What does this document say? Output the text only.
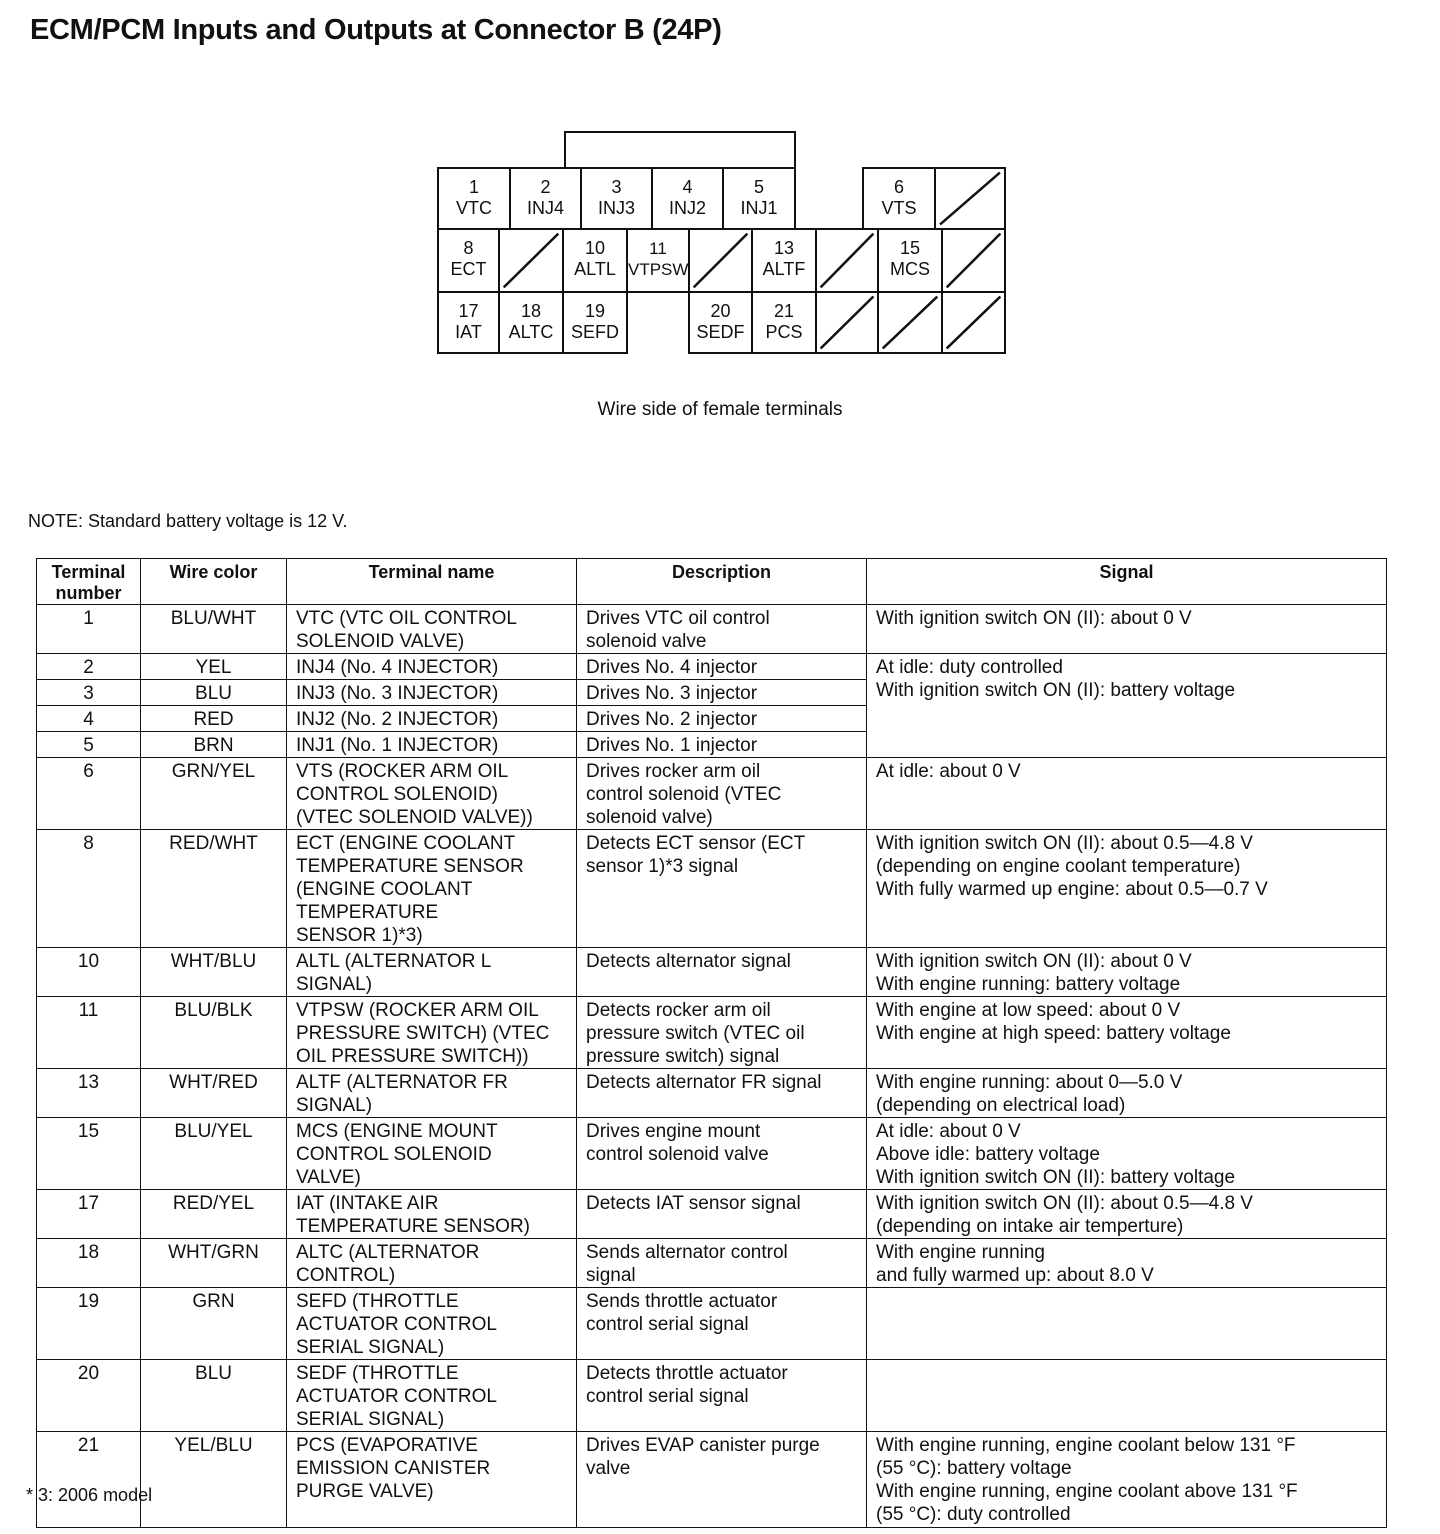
ECM/PCM Inputs and Outputs at Connector B (24P)
1
VTC
2
INJ4
3
INJ3
4
INJ2
5
INJ1
6
VTS
8
ECT
10
ALTL
11
VTPSW
13
ALTF
15
MCS
17
IAT
18
ALTC
19
SEFD
20
SEDF
21
PCS
Wire side of female terminals
NOTE: Standard battery voltage is 12 V.
Terminal number	Wire color	Terminal name	Description	Signal
1	BLU/WHT	VTC (VTC OIL CONTROL
SOLENOID VALVE)	Drives VTC oil control
solenoid valve	With ignition switch ON (II): about 0 V
2	YEL	INJ4 (No. 4 INJECTOR)	Drives No. 4 injector	At idle: duty controlled
With ignition switch ON (II): battery voltage
3	BLU	INJ3 (No. 3 INJECTOR)	Drives No. 3 injector	
4	RED	INJ2 (No. 2 INJECTOR)	Drives No. 2 injector	
5	BRN	INJ1 (No. 1 INJECTOR)	Drives No. 1 injector	
6	GRN/YEL	VTS (ROCKER ARM OIL
CONTROL SOLENOID)
(VTEC SOLENOID VALVE))	Drives rocker arm oil
control solenoid (VTEC
solenoid valve)	At idle: about 0 V
8	RED/WHT	ECT (ENGINE COOLANT
TEMPERATURE SENSOR
(ENGINE COOLANT
TEMPERATURE
SENSOR 1)*3)	Detects ECT sensor (ECT
sensor 1)*3 signal	With ignition switch ON (II): about 0.5—4.8 V
(depending on engine coolant temperature)
With fully warmed up engine: about 0.5—0.7 V
10	WHT/BLU	ALTL (ALTERNATOR L
SIGNAL)	Detects alternator signal	With ignition switch ON (II): about 0 V
With engine running: battery voltage
11	BLU/BLK	VTPSW (ROCKER ARM OIL
PRESSURE SWITCH) (VTEC
OIL PRESSURE SWITCH))	Detects rocker arm oil
pressure switch (VTEC oil
pressure switch) signal	With engine at low speed: about 0 V
With engine at high speed: battery voltage
13	WHT/RED	ALTF (ALTERNATOR FR
SIGNAL)	Detects alternator FR signal	With engine running: about 0—5.0 V
(depending on electrical load)
15	BLU/YEL	MCS (ENGINE MOUNT
CONTROL SOLENOID
VALVE)	Drives engine mount
control solenoid valve	At idle: about 0 V
Above idle: battery voltage
With ignition switch ON (II): battery voltage
17	RED/YEL	IAT (INTAKE AIR
TEMPERATURE SENSOR)	Detects IAT sensor signal	With ignition switch ON (II): about 0.5—4.8 V
(depending on intake air temperture)
18	WHT/GRN	ALTC (ALTERNATOR
CONTROL)	Sends alternator control
signal	With engine running
and fully warmed up: about 8.0 V
19	GRN	SEFD (THROTTLE
ACTUATOR CONTROL
SERIAL SIGNAL)	Sends throttle actuator
control serial signal	
20	BLU	SEDF (THROTTLE
ACTUATOR CONTROL
SERIAL SIGNAL)	Detects throttle actuator
control serial signal	
21	YEL/BLU	PCS (EVAPORATIVE
EMISSION CANISTER
PURGE VALVE)	Drives EVAP canister purge
valve	With engine running, engine coolant below 131 °F
(55 °C): battery voltage
With engine running, engine coolant above 131 °F
(55 °C): duty controlled
* 3: 2006 model
